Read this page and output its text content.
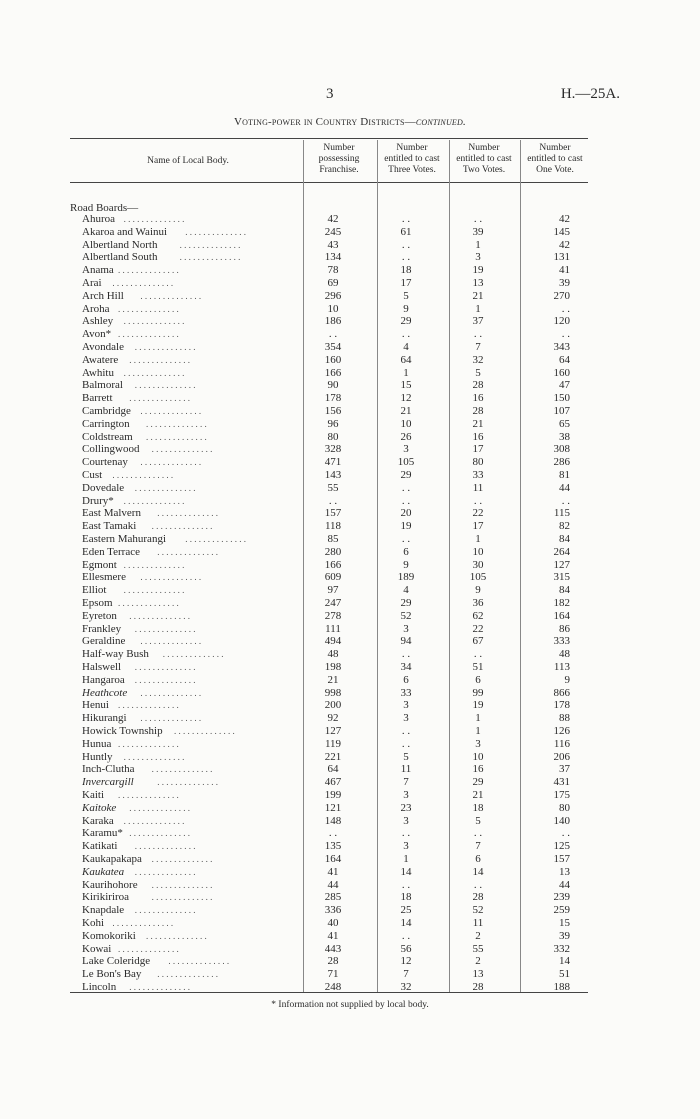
3	H.—25A.
Voting-power in Country Districts—continued.
Name of Local Body.
Number
possessing
Franchise.
Number
entitled to cast
Three Votes.
Number
entitled to cast
Two Votes.
Number
entitled to cast
One Vote.
Road Boards—
Ahuroa . . . . . . . . . . . . . .	42	. .	. .	42
Akaroa and Wainui . . . . . . . . . . . . . .	245	61	39	145
Albertland North . . . . . . . . . . . . . .	43	. .	1	42
Albertland South . . . . . . . . . . . . . .	134	. .	3	131
Anama . . . . . . . . . . . . . .	78	18	19	41
Arai . . . . . . . . . . . . . .	69	17	13	39
Arch Hill . . . . . . . . . . . . . .	296	5	21	270
Aroha . . . . . . . . . . . . . .	10	9	1	. .
Ashley . . . . . . . . . . . . . .	186	29	37	120
Avon* . . . . . . . . . . . . . .	. .	. .	. .	. .
Avondale . . . . . . . . . . . . . .	354	4	7	343
Awatere . . . . . . . . . . . . . .	160	64	32	64
Awhitu . . . . . . . . . . . . . .	166	1	5	160
Balmoral . . . . . . . . . . . . . .	90	15	28	47
Barrett . . . . . . . . . . . . . .	178	12	16	150
Cambridge . . . . . . . . . . . . . .	156	21	28	107
Carrington . . . . . . . . . . . . . .	96	10	21	65
Coldstream . . . . . . . . . . . . . .	80	26	16	38
Collingwood . . . . . . . . . . . . . .	328	3	17	308
Courtenay . . . . . . . . . . . . . .	471	105	80	286
Cust . . . . . . . . . . . . . .	143	29	33	81
Dovedale . . . . . . . . . . . . . .	55	. .	11	44
Drury* . . . . . . . . . . . . . .	. .	. .	. .	. .
East Malvern . . . . . . . . . . . . . .	157	20	22	115
East Tamaki . . . . . . . . . . . . . .	118	19	17	82
Eastern Mahurangi . . . . . . . . . . . . . .	85	. .	1	84
Eden Terrace . . . . . . . . . . . . . .	280	6	10	264
Egmont . . . . . . . . . . . . . .	166	9	30	127
Ellesmere . . . . . . . . . . . . . .	609	189	105	315
Elliot . . . . . . . . . . . . . .	97	4	9	84
Epsom . . . . . . . . . . . . . .	247	29	36	182
Eyreton . . . . . . . . . . . . . .	278	52	62	164
Frankley . . . . . . . . . . . . . .	111	3	22	86
Geraldine . . . . . . . . . . . . . .	494	94	67	333
Half-way Bush . . . . . . . . . . . . . .	48	. .	. .	48
Halswell . . . . . . . . . . . . . .	198	34	51	113
Hangaroa . . . . . . . . . . . . . .	21	6	6	9
Heathcote . . . . . . . . . . . . . .	998	33	99	866
Henui . . . . . . . . . . . . . .	200	3	19	178
Hikurangi . . . . . . . . . . . . . .	92	3	1	88
Howick Township . . . . . . . . . . . . . .	127	. .	1	126
Hunua . . . . . . . . . . . . . .	119	. .	3	116
Huntly . . . . . . . . . . . . . .	221	5	10	206
Inch-Clutha . . . . . . . . . . . . . .	64	11	16	37
Invercargill	. . . . . . . . . . . . . .	467	7	29	431
Kaiti . . . . . . . . . . . . . .	199	3	21	175
Kaitoke . . . . . . . . . . . . . .	121	23	18	80
Karaka . . . . . . . . . . . . . .	148	3	5	140
Karamu* . . . . . . . . . . . . . .	. .	. .	. .	. .
Katikati . . . . . . . . . . . . . .	135	3	7	125
Kaukapakapa . . . . . . . . . . . . . .	164	1	6	157
Kaukatea . . . . . . . . . . . . . .	41	14	14	13
Kaurihohore . . . . . . . . . . . . . .	44	. .	. .	44
Kirikiriroa	. . . . . . . . . . . . . .	285	18	28	239
Knapdale . . . . . . . . . . . . . .	336	25	52	259
Kohi . . . . . . . . . . . . . .	40	14	11	15
Komokoriki . . . . . . . . . . . . . .	41	. .	2	39
Kowai . . . . . . . . . . . . . .	443	56	55	332
Lake Coleridge . . . . . . . . . . . . . .	28	12	2	14
Le Bon's Bay . . . . . . . . . . . . . .	71	7	13	51
Lincoln . . . . . . . . . . . . . .	248	32	28	188
* Information not supplied by local body.
